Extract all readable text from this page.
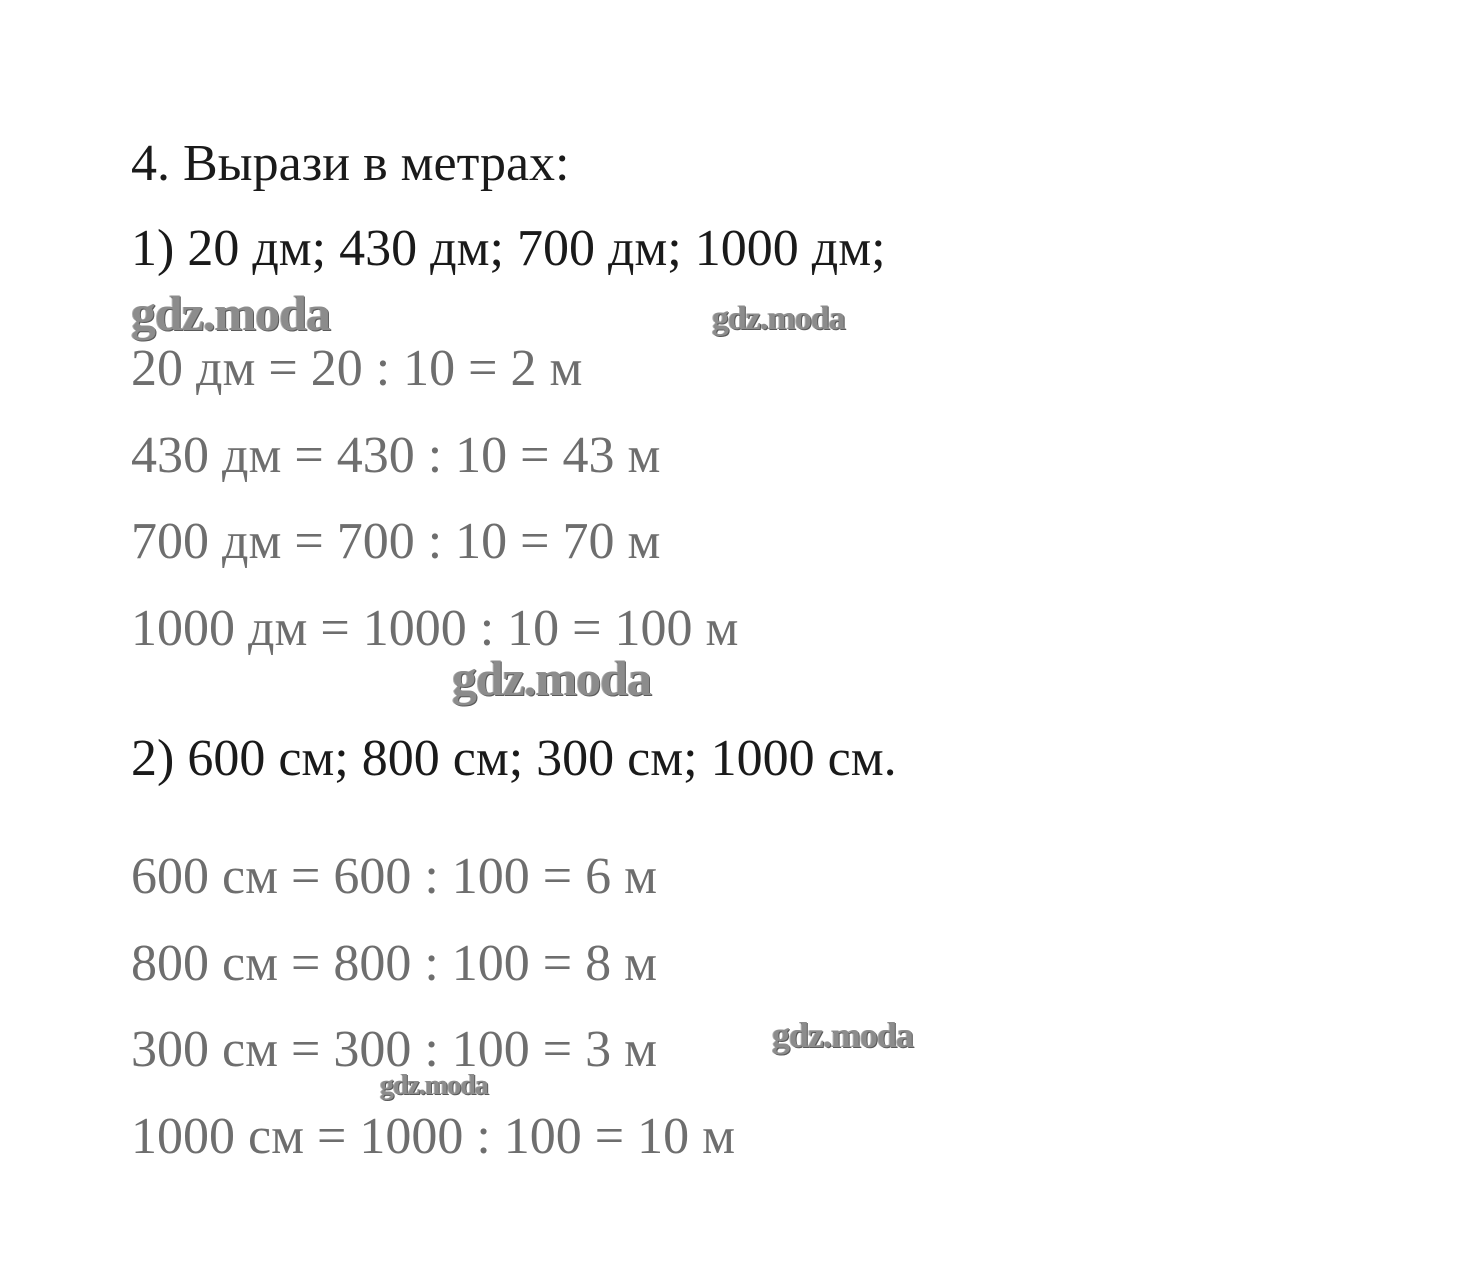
4. Вырази в метрах:
1) 20 дм; 430 дм; 700 дм; 1000 дм;
20 дм = 20 : 10 = 2 м
430 дм = 430 : 10 = 43 м
700 дм = 700 : 10 = 70 м
1000 дм = 1000 : 10 = 100 м
2) 600 см; 800 см; 300 см; 1000 см.
600 см = 600 : 100 = 6 м
800 см = 800 : 100 = 8 м
300 см = 300 : 100 = 3 м
1000 см = 1000 : 100 = 10 м
gdz.moda	gdz.moda
gdz.moda
gdz.moda
gdz.moda
